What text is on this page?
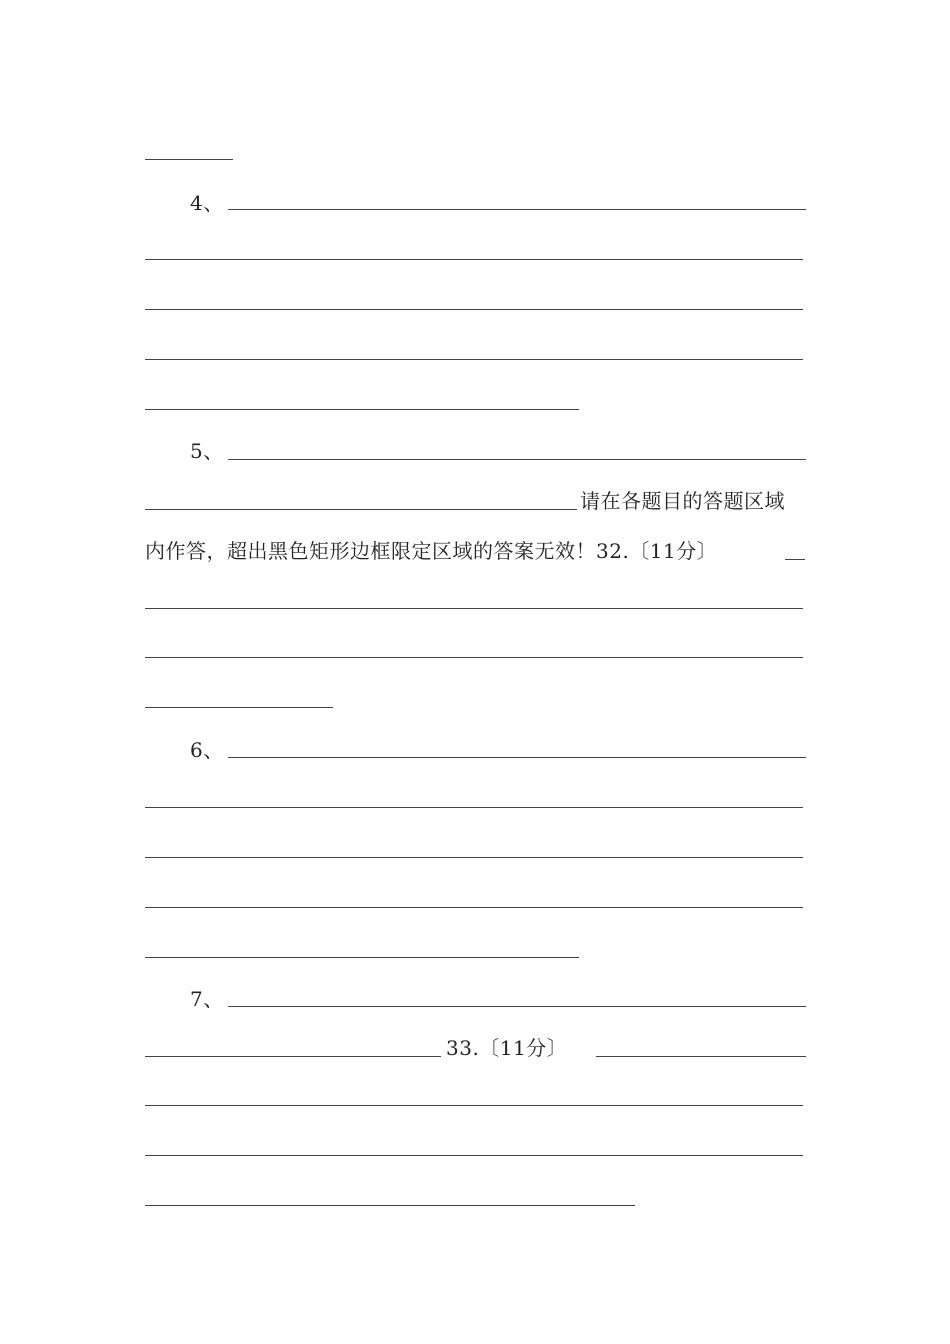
4、
5、
请在各题目的答题区域
内作答，超出黑色矩形边框限定区域的答案无效！32.〔11分〕
6、
7、
33.〔11分〕
